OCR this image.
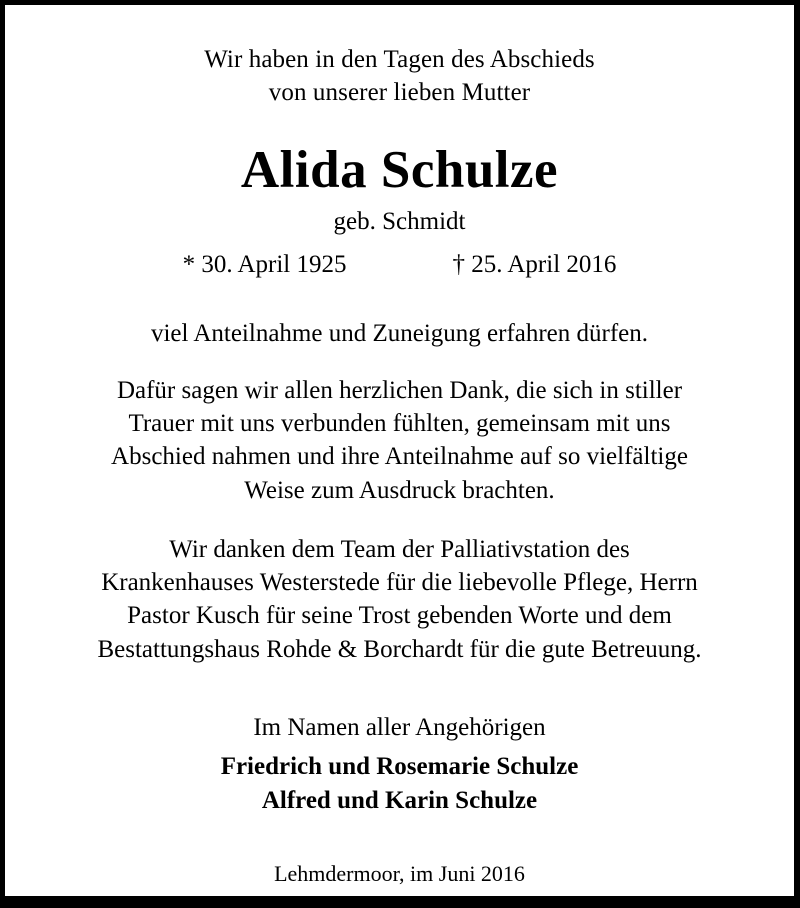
Wir haben in den Tagen des Abschieds
von unserer lieben Mutter
Alida Schulze
geb. Schmidt
* 30. April 1925	† 25. April 2016
viel Anteilnahme und Zuneigung erfahren dürfen.
Dafür sagen wir allen herzlichen Dank, die sich in stiller
Trauer mit uns verbunden fühlten, gemeinsam mit uns
Abschied nahmen und ihre Anteilnahme auf so vielfältige
Weise zum Ausdruck brachten.
Wir danken dem Team der Palliativstation des
Krankenhauses Westerstede für die liebevolle Pflege, Herrn
Pastor Kusch für seine Trost gebenden Worte und dem
Bestattungshaus Rohde & Borchardt für die gute Betreuung.
Im Namen aller Angehörigen
Friedrich und Rosemarie Schulze
Alfred und Karin Schulze
Lehmdermoor, im Juni 2016
